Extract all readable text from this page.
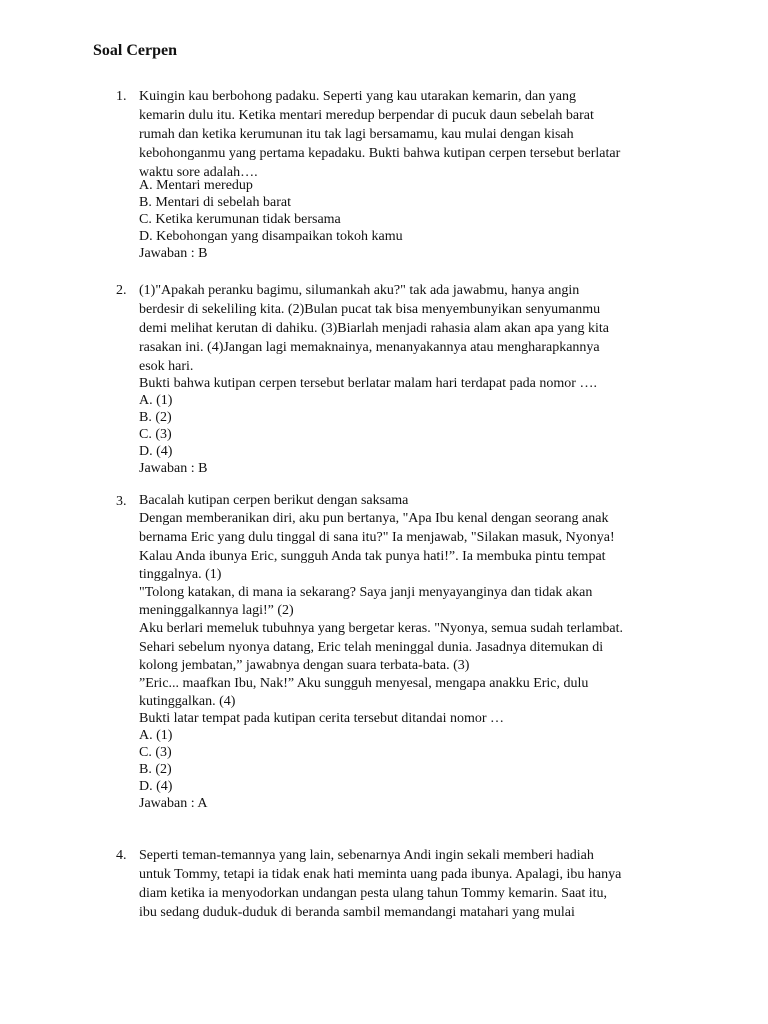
Soal Cerpen
1. Kuingin kau berbohong padaku. Seperti yang kau utarakan kemarin, dan yang
kemarin dulu itu. Ketika mentari meredup berpendar di pucuk daun sebelah barat
rumah dan ketika kerumunan itu tak lagi bersamamu, kau mulai dengan kisah
kebohonganmu yang pertama kepadaku. Bukti bahwa kutipan cerpen tersebut berlatar
waktu sore adalah….
A. Mentari meredup
B. Mentari di sebelah barat
C. Ketika kerumunan tidak bersama
D. Kebohongan yang disampaikan tokoh kamu
Jawaban : B
2. (1)"Apakah peranku bagimu, silumankah aku?" tak ada jawabmu, hanya angin
berdesir di sekeliling kita. (2)Bulan pucat tak bisa menyembunyikan senyumanmu
demi melihat kerutan di dahiku. (3)Biarlah menjadi rahasia alam akan apa yang kita
rasakan ini. (4)Jangan lagi memaknainya, menanyakannya atau mengharapkannya
esok hari.
Bukti bahwa kutipan cerpen tersebut berlatar malam hari terdapat pada nomor ….
A. (1)
B. (2)
C. (3)
D. (4)
Jawaban : B
3. Bacalah kutipan cerpen berikut dengan saksama
Dengan memberanikan diri, aku pun bertanya, "Apa Ibu kenal dengan seorang anak
bernama Eric yang dulu tinggal di sana itu?" Ia menjawab, "Silakan masuk, Nyonya!
Kalau Anda ibunya Eric, sungguh Anda tak punya hati!”. Ia membuka pintu tempat
tinggalnya. (1)
"Tolong katakan, di mana ia sekarang? Saya janji menyayanginya dan tidak akan
meninggalkannya lagi!” (2)
Aku berlari memeluk tubuhnya yang bergetar keras. "Nyonya, semua sudah terlambat.
Sehari sebelum nyonya datang, Eric telah meninggal dunia. Jasadnya ditemukan di
kolong jembatan,” jawabnya dengan suara terbata-bata. (3)
”Eric... maafkan Ibu, Nak!” Aku sungguh menyesal, mengapa anakku Eric, dulu
kutinggalkan. (4)
Bukti latar tempat pada kutipan cerita tersebut ditandai nomor …
A. (1)
C. (3)
B. (2)
D. (4)
Jawaban : A
4. Seperti teman-temannya yang lain, sebenarnya Andi ingin sekali memberi hadiah
untuk Tommy, tetapi ia tidak enak hati meminta uang pada ibunya. Apalagi, ibu hanya
diam ketika ia menyodorkan undangan pesta ulang tahun Tommy kemarin. Saat itu,
ibu sedang duduk-duduk di beranda sambil memandangi matahari yang mulai
